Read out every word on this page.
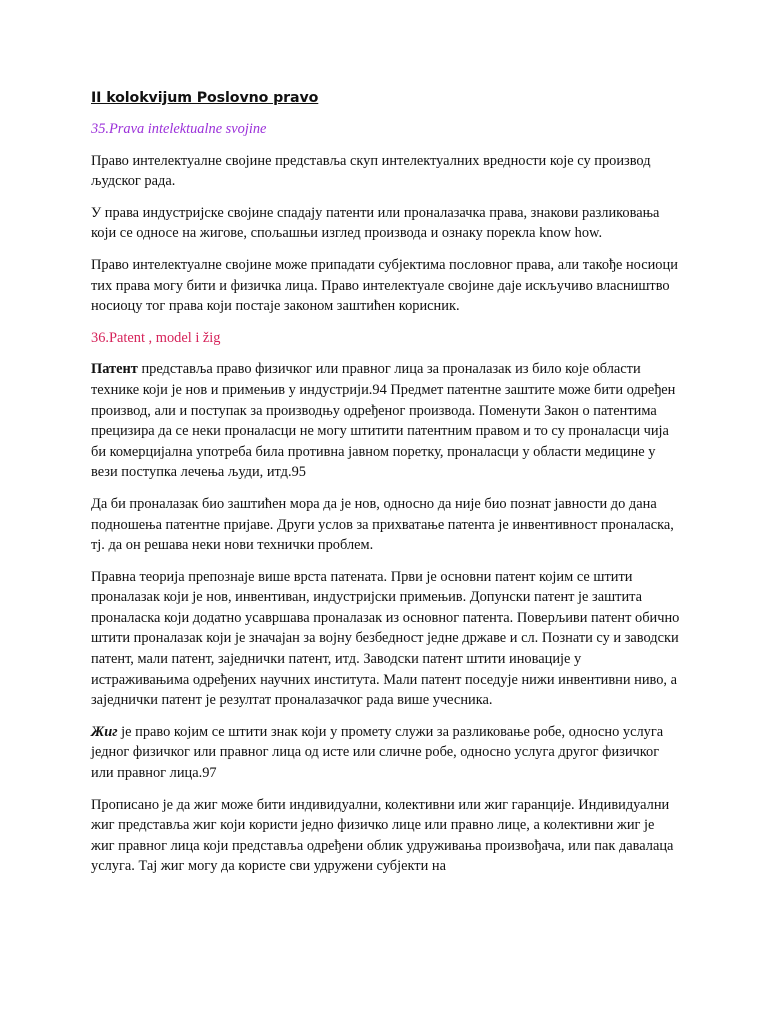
II kolokvijum Poslovno pravo
35.Prava intelektualne svojine

Право интелектуалне својине представља скуп интелектуалних вредности које су производ људског рада.

У права индустријске својине спадају патенти или проналазачка права, знакови разликовања који се односе на жигове, спољашњи изглед производа и ознаку порекла know how.

Право интелектуалне својине може припадати субјектима пословног права, али такође носиоци тих права могу бити и физичка лица. Право интелектуале својине даје искључиво власништво носиоцу тог права који постаје законом заштићен корисник.

36.Patent , model i žig

Патент представља право физичког или правног лица за проналазак из било које области технике који је нов и примењив у индустрији.94 Предмет патентне заштите може бити одређен производ, али и поступак за производњу одређеног производа. Поменути Закон о патентима прецизира да се неки проналасци не могу штитити патентним правом и то су проналасци чија би комерцијална употреба била противна јавном поретку, проналасци у области медицине у вези поступка лечења људи, итд.95

Да би проналазак био заштићен мора да је нов, односно да није био познат јавности до дана подношења патентне пријаве. Други услов за прихватање патента је инвентивност проналаска, тј. да он решава неки нови технички проблем.

Правна теорија препознаје више врста патената. Први је основни патент којим се штити проналазак који је нов, инвентиван, индустријски примењив. Допунски патент је заштита проналаска који додатно усавршава проналазак из основног патента. Поверљиви патент обично штити проналазак који је значајан за војну безбедност једне државе и сл. Познати су и заводски патент, мали патент, заједнички патент, итд. Заводски патент штити иновације у истраживањима одређених научних института. Мали патент поседује нижи инвентивни ниво, а заједнички патент је резултат проналазачког рада више учесника.

Жиг је право којим се штити знак који у промету служи за разликовање робе, односно услуга једног физичког или правног лица од исте или сличне робе, односно услуга другог физичког или правног лица.97

Прописано је да жиг може бити индивидуални, колективни или жиг гаранције. Индивидуални жиг представља жиг који користи једно физичко лице или правно лице, а колективни жиг је жиг правног лица који представља одређени облик удруживања произвођача, или пак давалаца услуга. Тај жиг могу да користе сви удружени субјекти на
